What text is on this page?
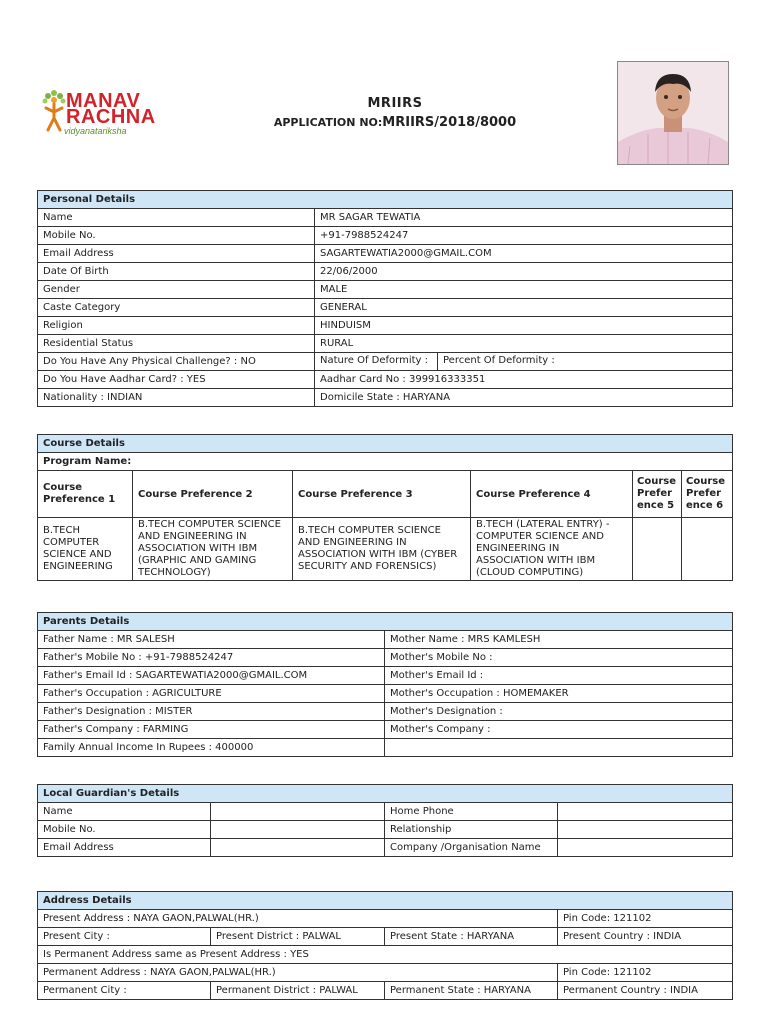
MANAV
RACHNA
vidyanatariksha
MRIIRS
APPLICATION NO:MRIIRS/2018/8000
Personal Details	
Name	MR SAGAR TEWATIA
Mobile No.	+91-7988524247
Email Address	SAGARTEWATIA2000@GMAIL.COM
Date Of Birth	22/06/2000
Gender	MALE
Caste Category	GENERAL
Religion	HINDUISM
Residential Status	RURAL
Do You Have Any Physical Challenge? : NO	Nature Of Deformity : Percent Of Deformity :

Do You Have Aadhar Card? : YES	Aadhar Card No : 399916333351
Nationality : INDIAN	Domicile State : HARYANA
Course Details					
Program Name:					
Course Preference 1	Course Preference 2	Course Preference 3	Course Preference 4	Course Prefer ence 5	Course Prefer ence 6
B.TECH COMPUTER SCIENCE AND ENGINEERING	B.TECH COMPUTER SCIENCE AND ENGINEERING IN ASSOCIATION WITH IBM (GRAPHIC AND GAMING TECHNOLOGY)	B.TECH COMPUTER SCIENCE AND ENGINEERING IN ASSOCIATION WITH IBM (CYBER SECURITY AND FORENSICS)	B.TECH (LATERAL ENTRY) - COMPUTER SCIENCE AND ENGINEERING IN ASSOCIATION WITH IBM (CLOUD COMPUTING)		
Parents Details	
Father Name : MR SALESH	Mother Name : MRS KAMLESH
Father's Mobile No : +91-7988524247	Mother's Mobile No :
Father's Email Id : SAGARTEWATIA2000@GMAIL.COM	Mother's Email Id :
Father's Occupation : AGRICULTURE	Mother's Occupation : HOMEMAKER
Father's Designation : MISTER	Mother's Designation :
Father's Company : FARMING	Mother's Company :
Family Annual Income In Rupees : 400000	
Local Guardian's Details			
Name		Home Phone	
Mobile No.		Relationship	
Email Address		Company /Organisation Name	
Address Details			
Present Address : NAYA GAON,PALWAL(HR.)			Pin Code: 121102
Present City :	Present District : PALWAL	Present State : HARYANA	Present Country : INDIA
Is Permanent Address same as Present Address : YES			
Permanent Address : NAYA GAON,PALWAL(HR.)			Pin Code: 121102
Permanent City :	Permanent District : PALWAL	Permanent State : HARYANA	Permanent Country : INDIA
